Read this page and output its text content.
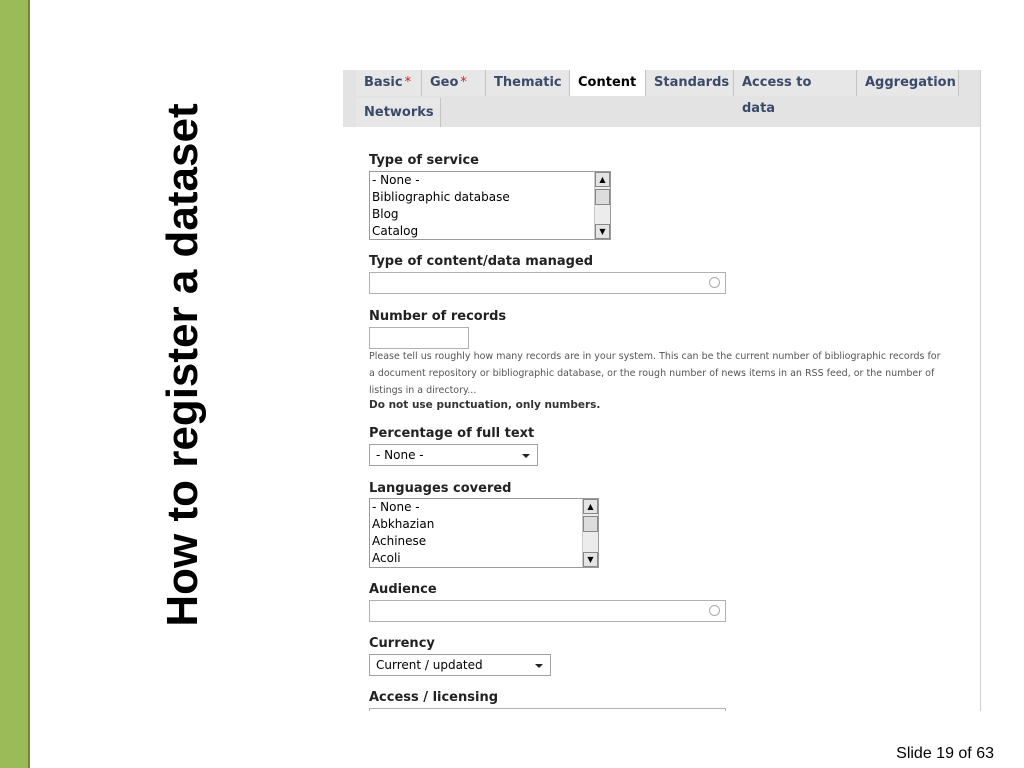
How to register a dataset
Basic *	Geo *	Thematic	Content	Standards Access to data
Aggregation
Networks
Type of service
- None -
Bibliographic database
Blog
Catalog
▲
▼
Type of content/data managed
Number of records
Please tell us roughly how many records are in your system. This can be the current number of bibliographic records for
a document repository or bibliographic database, or the rough number of news items in an RSS feed, or the number of
listings in a directory...
Do not use punctuation, only numbers.
Percentage of full text
- None -
Languages covered
- None -
Abkhazian
Achinese
Acoli
▲
▼
Audience
Currency
Current / updated
Access / licensing
Slide 19 of 63
